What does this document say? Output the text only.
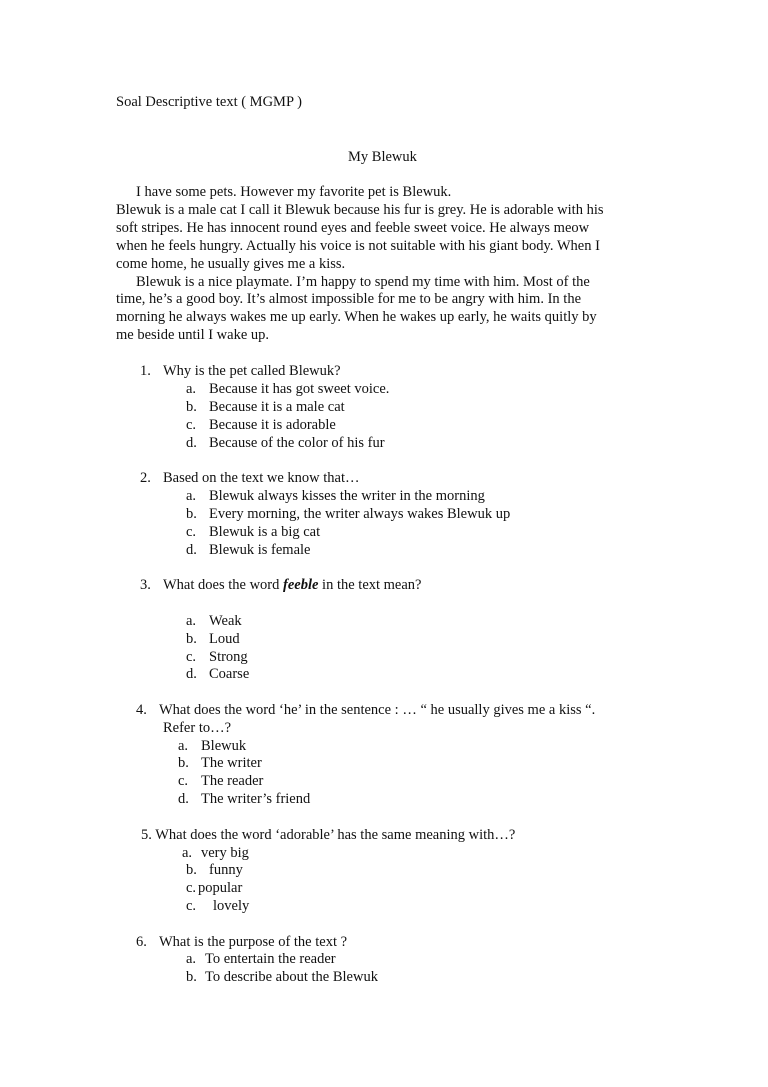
Soal Descriptive text ( MGMP )
My Blewuk
I have some pets. However my favorite pet is Blewuk.
Blewuk is a male cat I call it Blewuk because his fur is grey. He is adorable with his
soft stripes. He has innocent round eyes and feeble sweet voice. He always meow
when he feels hungry. Actually his voice is not suitable with his giant body. When I
come home, he usually gives me a kiss.
Blewuk is a nice playmate. I’m happy to spend my time with him. Most of the
time, he’s a good boy. It’s almost impossible for me to be angry with him. In the
morning he always wakes me up early. When he wakes up early, he waits quitly by
me beside until I wake up.
1. Why is the pet called Blewuk?
a. Because it has got sweet voice.
b. Because it is a male cat
c. Because it is adorable
d. Because of the color of his fur
2. Based on the text we know that…
a. Blewuk always kisses the writer in the morning
b. Every morning, the writer always wakes Blewuk up
c. Blewuk is a big cat
d. Blewuk is female
3. What does the word feeble in the text mean?
a. Weak
b. Loud
c. Strong
d. Coarse
4. What does the word ‘he’ in the sentence : … “ he usually gives me a kiss “.
Refer to…?
a. Blewuk
b. The writer
c. The reader
d. The writer’s friend
5. What does the word ‘adorable’ has the same meaning with…?
a. very big
b. funny
c. popular
c. lovely
6. What is the purpose of the text ?
a. To entertain the reader
b. To describe about the Blewuk
